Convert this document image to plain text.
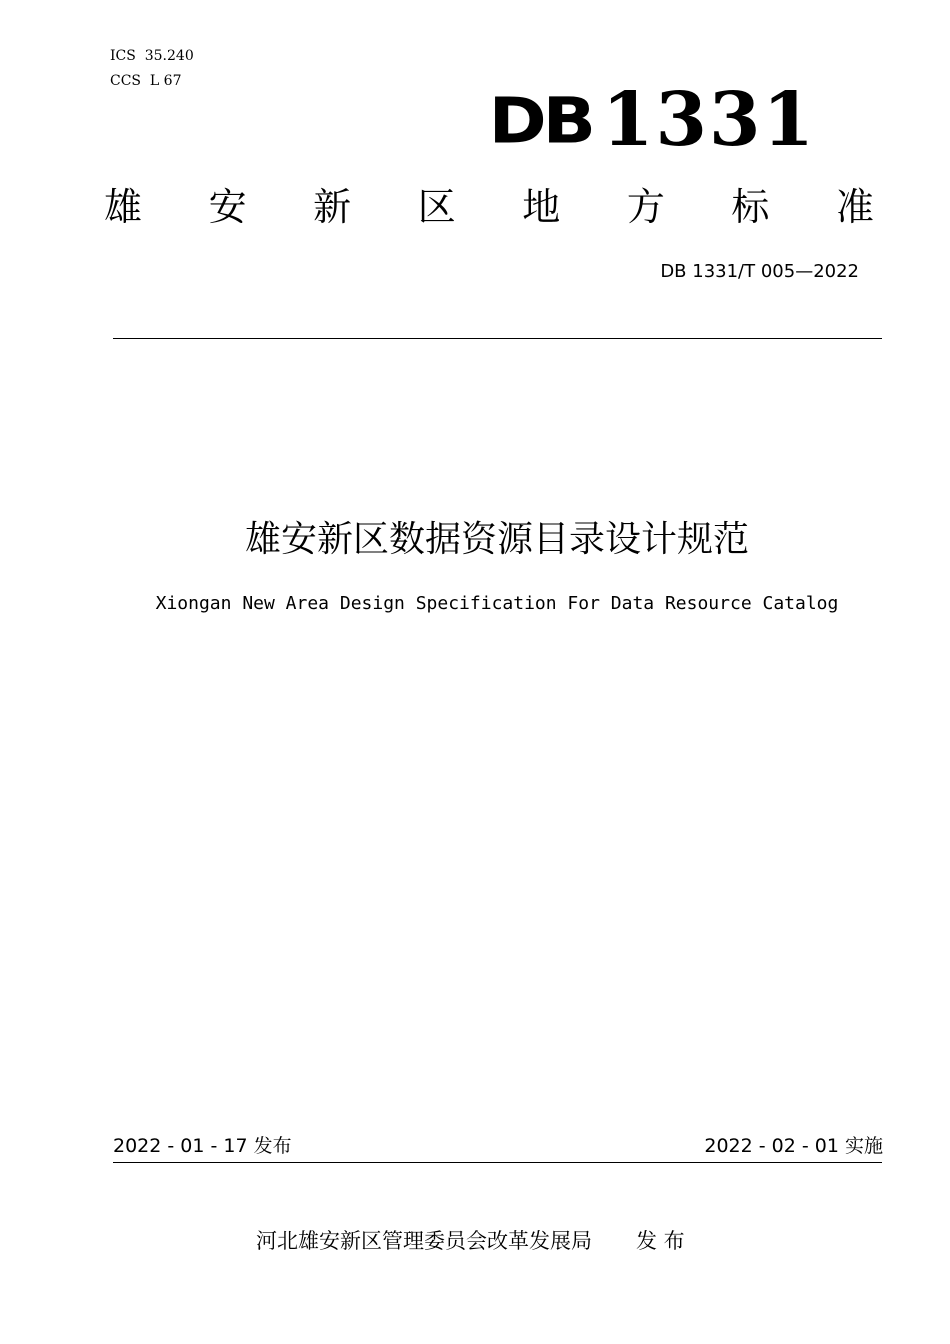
ICS  35.240
CCS  L 67
DB 1331
雄 安 新 区 地 方 标 准
DB 1331/T 005—2022
雄安新区数据资源目录设计规范
Xiongan New Area Design Specification For Data Resource Catalog
2022 - 01 - 17 发布	2022 - 02 - 01 实施
河北雄安新区管理委员会改革发展局 发 布
